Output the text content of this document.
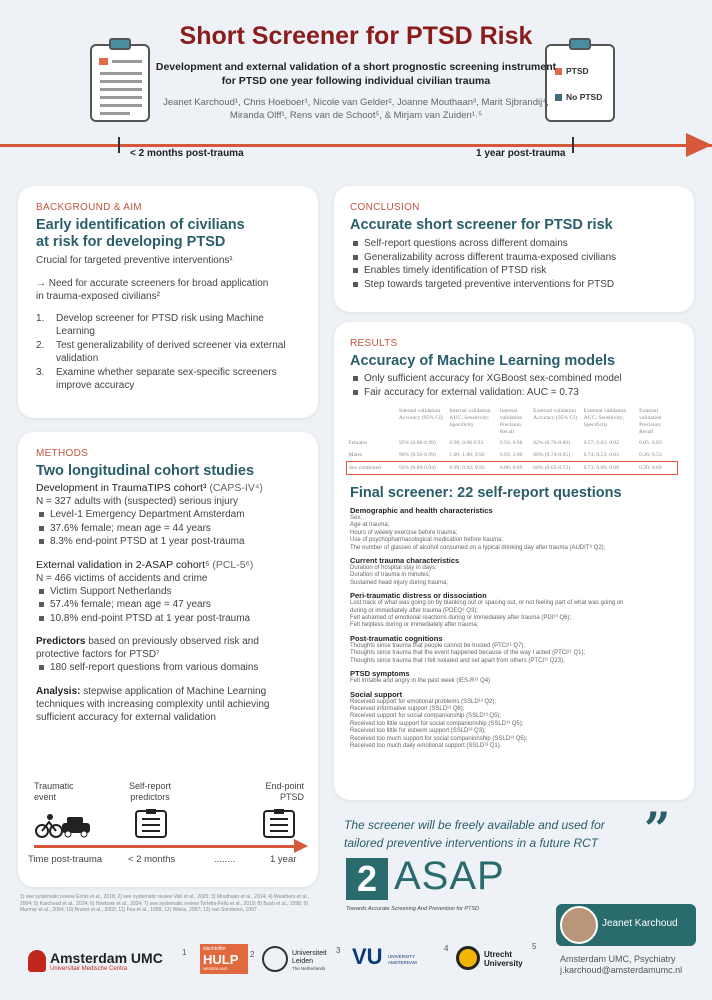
PTSD
No PTSD
Short Screener for PTSD Risk
Development and external validation of a short prognostic screening instrument for PTSD one year following individual civilian trauma
Jeanet Karchoud¹, Chris Hoeboer¹, Nicole van Gelder², Joanne Mouthaan³, Marit Sjbrandij⁴, Miranda Olff¹, Rens van de Schoot⁵, & Mirjam van Zuiden¹˒⁵
< 2 months post-trauma	1 year post-trauma
BACKGROUND & AIM
Early identification of civilians at risk for developing PTSD
Crucial for targeted preventive interventions¹
→ Need for accurate screeners for broad application in trauma-exposed civilians²
1. Develop screener for PTSD risk using Machine Learning
2. Test generalizability of derived screener via external validation
3. Examine whether separate sex-specific screeners improve accuracy
METHODS
Two longitudinal cohort studies
Development in TraumaTIPS cohort³ (CAPS-IV⁴)
N = 327 adults with (suspected) serious injury
Level-1 Emergency Department Amsterdam
37.6% female; mean age = 44 years
8.3% end-point PTSD at 1 year post-trauma
External validation in 2-ASAP cohort⁵ (PCL-5⁶)
N = 466 victims of accidents and crime
Victim Support Netherlands
57.4% female; mean age = 47 years
10.8% end-point PTSD at 1 year post-trauma
Predictors based on previously observed risk and protective factors for PTSD⁷
180 self-report questions from various domains
Analysis: stepwise application of Machine Learning techniques with increasing complexity until achieving sufficient accuracy for external validation
Traumatic event
Self-report predictors
End-point PTSD
Time post-trauma	< 2 months	........	1 year
1) see systematic review Ennis et al., 2018; 2) see systematic review Vab et al., 2025; 3) Mouthaan et al., 2014; 4) Weathers et al., 2004; 5) Karchoud et al., 2024; 6) Hoeboer et al., 2024; 7) see systematic review Tortella-Feliu et al., 2019; 8) Bush et al., 1998; 9) Marmar et al., 2004; 10) Brunet et al., 2002; 11) Foa et al., 1999; 12) Weiss, 2007; 13) van Sonderen, 1997
CONCLUSION
Accurate short screener for PTSD risk
Self-report questions across different domains
Generalizability across different trauma-exposed civilians
Enables timely identification of PTSD risk
Step towards targeted preventive interventions for PTSD
RESULTS
Accuracy of Machine Learning models
Only sufficient accuracy for XGBoost sex-combined model
Fair accuracy for external validation: AUC = 0.73
	Internal validation Accuracy (95% CI)	Internal validation AUC; Sensitivity; Specificity	Internal validation Precision; Recall	External validation Accuracy (95% CI)	External validation AUC; Sensitivity; Specificity	External validation Precision; Recall
Females	95% (0.88-0.99)	0.98; 0.98 0.93	0.93; 0.98	82% (0.76-0.86)	0.57; 0.03; 0.92	0.05; 0.03
Males	96% (0.92-0.99)	1.00; 1.00; 0.93	0.93; 1.00	80% (0.74-0.85)	0.74; 0.53; 0.83	0.26; 0.53
Sex combined	93% (0.89-0.94)	0.99; 0.92; 0.93	0.86; 0.69	68% (0.63-0.72)	0.73; 0.69; 0.68	0.20; 0.69
Final screener: 22 self-report questions
Demographic and health characteristics
Sex;
Age at trauma;
Hours of weekly exercise before trauma;
Use of psychopharmacological medication before trauma;
The number of glasses of alcohol consumed on a typical drinking day after trauma (AUDIT⁸ Q2);
Current trauma characteristics
Duration of hospital stay in days;
Duration of trauma in minutes;
Sustained head injury during trauma;
Peri-traumatic distress or dissociation
Lost track of what was going on by blanking out or spacing out, or not feeling part of what was going on during or immediately after trauma (PDEQ⁹ Q3);
Felt ashamed of emotional reactions during or immediately after trauma (PDI¹⁰ Q6);
Felt helpless during or immediately after trauma;
Post-traumatic cognitions
Thoughts since trauma that people cannot be trusted (PTCI¹¹ Q7);
Thoughts since trauma that the event happened because of the way I acted (PTCI¹¹ Q1);
Thoughts since trauma that I felt isolated and set apart from others (PTCI¹¹ Q23);
PTSD symptoms
Felt irritable and angry in the past week (IES-R¹² Q4)
Social support
Received support for emotional problems (SSLD¹³ Q2);
Received informative support (SSLD¹³ Q6);
Received support for social companionship (SSLD¹³ Q5);
Received too little support for social companionship (SSLD¹³ Q5);
Received too little for esteem support (SSLD¹³ Q3);
Received too much support for social companionship (SSLD¹³ Q5);
Received too much daily emotional support (SSLD¹³ Q1).
The screener will be freely available and used for tailored preventive interventions in a future RCT ”
2 ASAP
Towards Accurate Screening And Prevention for PTSD
Jeanet Karchoud
Amsterdam UMC, Psychiatry
j.karchoud@amsterdamumc.nl
Amsterdam UMC
Universitair Medische Centra
1	slachtoffer
HULP
NEDERLAND
2	Universiteit Leiden
The Netherlands
3 VU UNIVERSITY AMSTERDAM
4
Utrecht University
5
